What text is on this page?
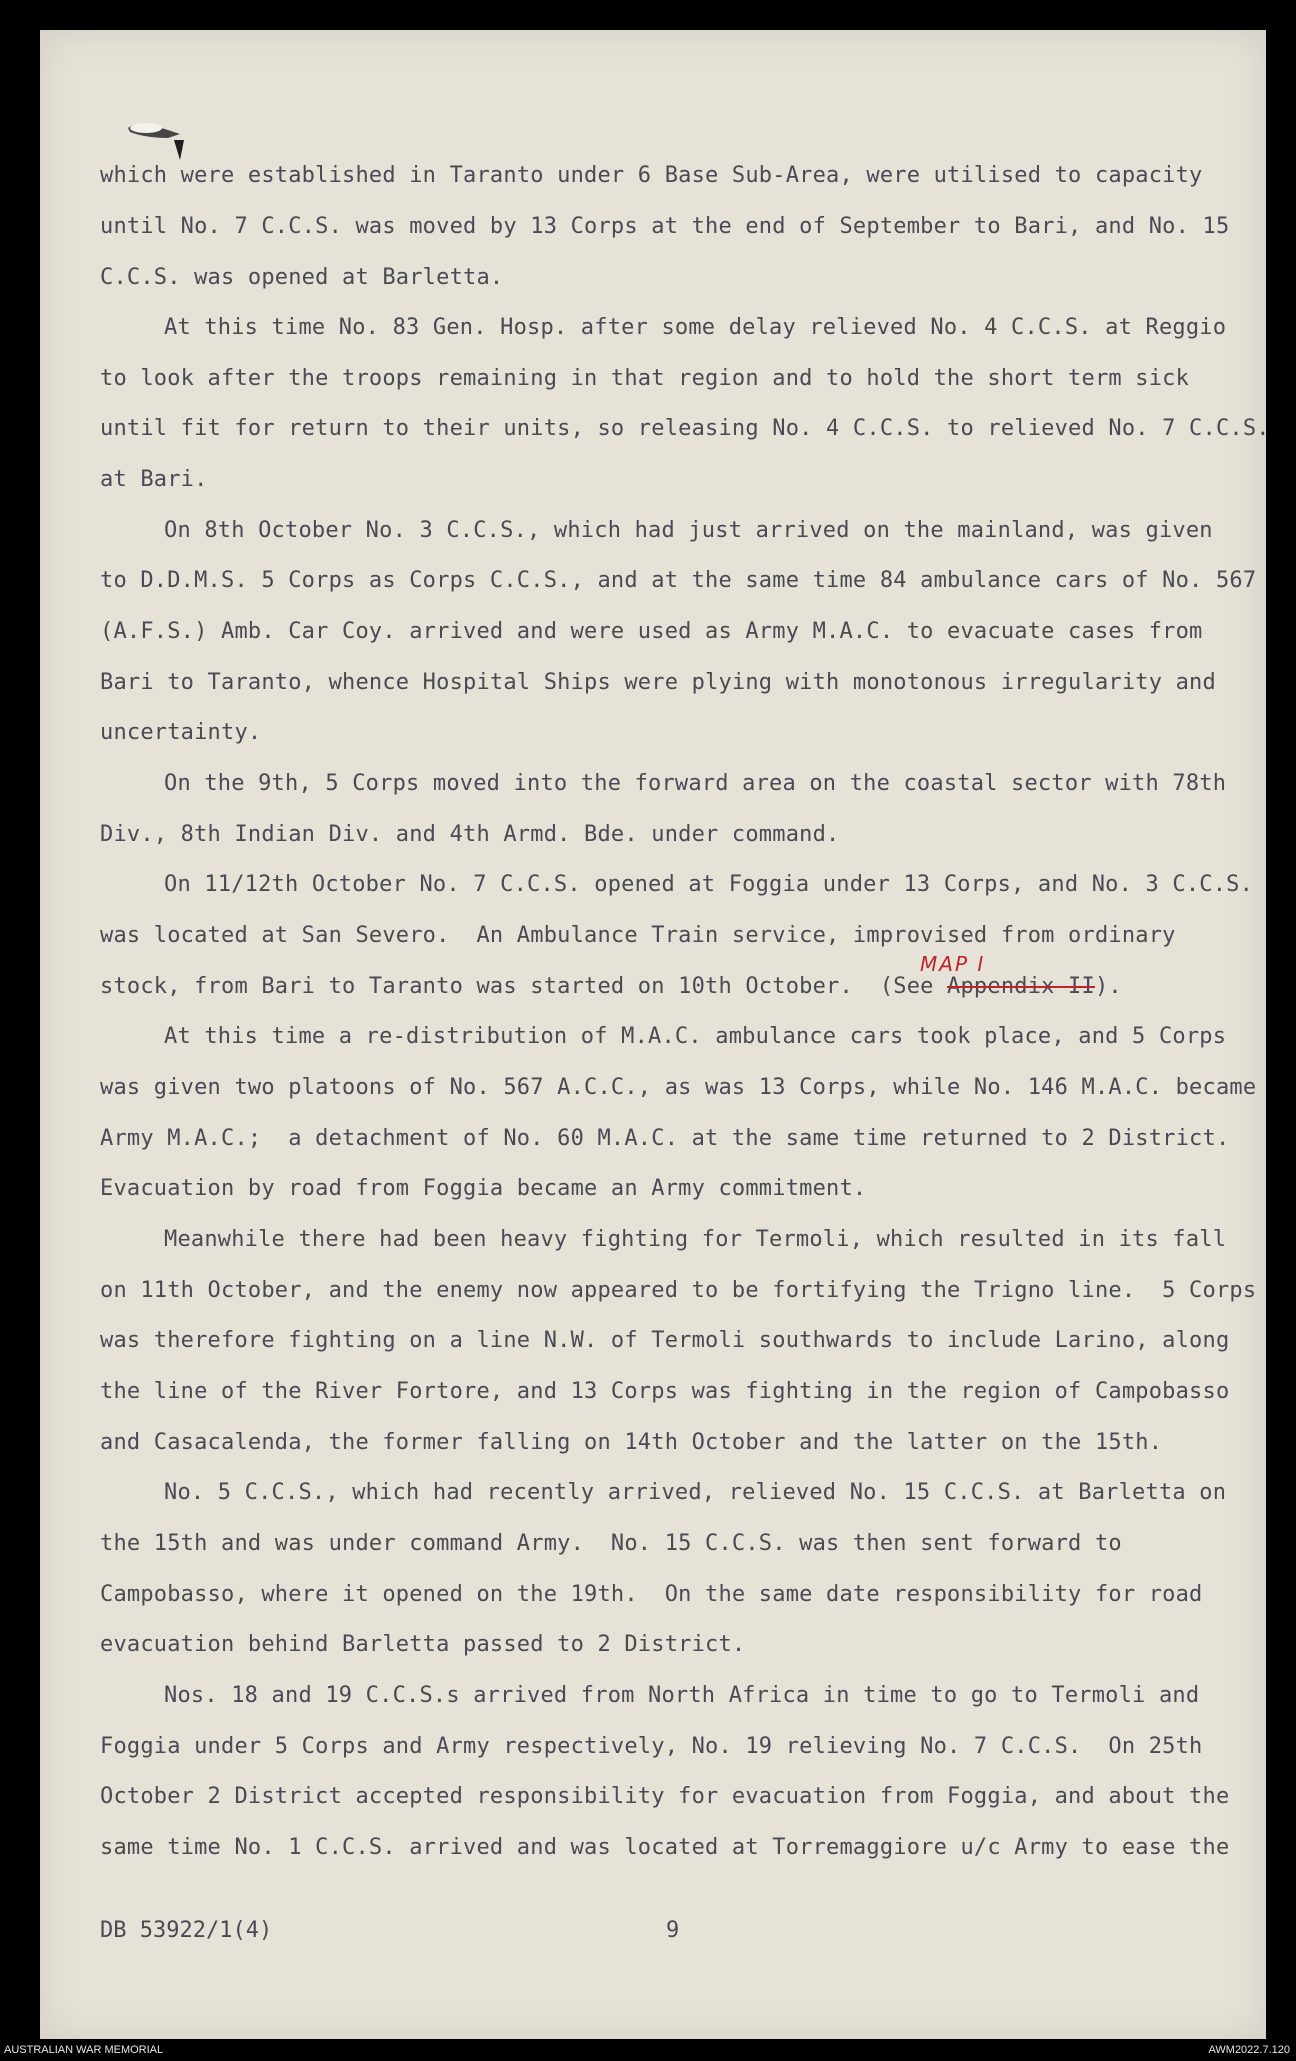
which were established in Taranto under 6 Base Sub-Area, were utilised to capacity
until No. 7 C.C.S. was moved by 13 Corps at the end of September to Bari, and No. 15
C.C.S. was opened at Barletta.
At this time No. 83 Gen. Hosp. after some delay relieved No. 4 C.C.S. at Reggio
to look after the troops remaining in that region and to hold the short term sick
until fit for return to their units, so releasing No. 4 C.C.S. to relieved No. 7 C.C.S.
at Bari.
On 8th October No. 3 C.C.S., which had just arrived on the mainland, was given
to D.D.M.S. 5 Corps as Corps C.C.S., and at the same time 84 ambulance cars of No. 567
(A.F.S.) Amb. Car Coy. arrived and were used as Army M.A.C. to evacuate cases from
Bari to Taranto, whence Hospital Ships were plying with monotonous irregularity and
uncertainty.
On the 9th, 5 Corps moved into the forward area on the coastal sector with 78th
Div., 8th Indian Div. and 4th Armd. Bde. under command.
On 11/12th October No. 7 C.C.S. opened at Foggia under 13 Corps, and No. 3 C.C.S.
was located at San Severo.  An Ambulance Train service, improvised from ordinary
stock, from Bari to Taranto was started on 10th October.  (See Appendix II).
MAP I
At this time a re-distribution of M.A.C. ambulance cars took place, and 5 Corps
was given two platoons of No. 567 A.C.C., as was 13 Corps, while No. 146 M.A.C. became
Army M.A.C.;  a detachment of No. 60 M.A.C. at the same time returned to 2 District.
Evacuation by road from Foggia became an Army commitment.
Meanwhile there had been heavy fighting for Termoli, which resulted in its fall
on 11th October, and the enemy now appeared to be fortifying the Trigno line.  5 Corps
was therefore fighting on a line N.W. of Termoli southwards to include Larino, along
the line of the River Fortore, and 13 Corps was fighting in the region of Campobasso
and Casacalenda, the former falling on 14th October and the latter on the 15th.
No. 5 C.C.S., which had recently arrived, relieved No. 15 C.C.S. at Barletta on
the 15th and was under command Army.  No. 15 C.C.S. was then sent forward to
Campobasso, where it opened on the 19th.  On the same date responsibility for road
evacuation behind Barletta passed to 2 District.
Nos. 18 and 19 C.C.S.s arrived from North Africa in time to go to Termoli and
Foggia under 5 Corps and Army respectively, No. 19 relieving No. 7 C.C.S.  On 25th
October 2 District accepted responsibility for evacuation from Foggia, and about the
same time No. 1 C.C.S. arrived and was located at Torremaggiore u/c Army to ease the
DB 53922/1(4)	9
AUSTRALIAN WAR MEMORIAL	AWM2022.7.120
